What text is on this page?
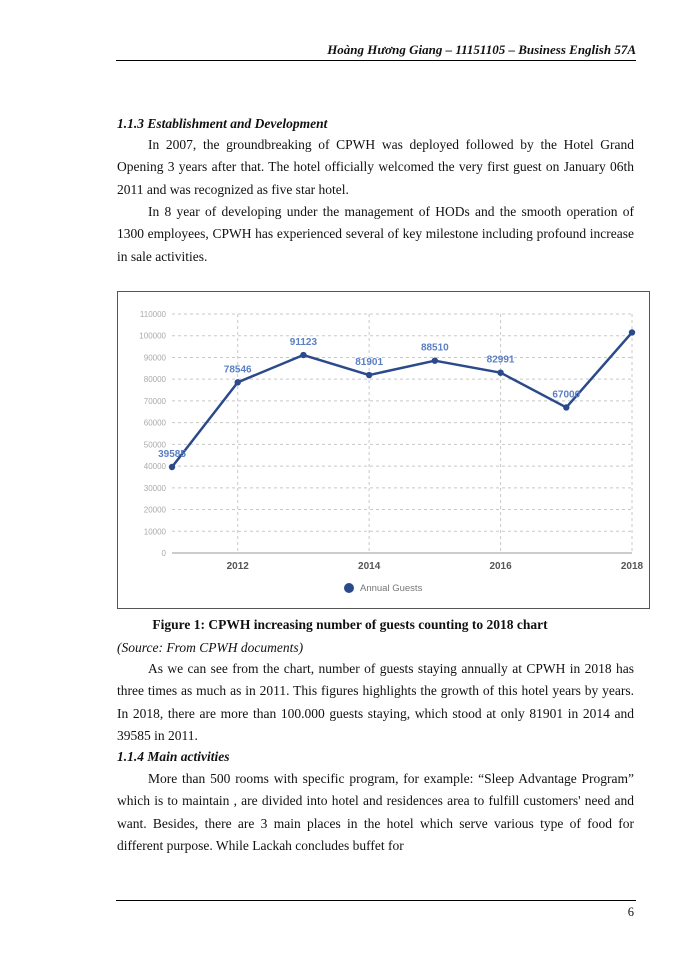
Hoàng Hương Giang – 11151105 – Business English 57A

1.1.3 Establishment and Development

In 2007, the groundbreaking of CPWH was deployed followed by the Hotel Grand Opening 3 years after that. The hotel officially welcomed the very first guest on January 06th 2011 and was recognized as five star hotel.

In 8 year of developing under the management of HODs and the smooth operation of 1300 employees, CPWH has experienced several of key milestone including profound increase in sale activities.

0
10000
20000
30000
40000
50000
60000
70000
80000
90000
100000
110000
2012	2014	2016	2018
39585
78546
91123
81901
88510
82991
67000
Annual Guests

Figure 1: CPWH increasing number of guests counting to 2018 chart

(Source: From CPWH documents)

As we can see from the chart, number of guests staying annually at CPWH in 2018 has three times as much as in 2011. This figures highlights the growth of this hotel years by years. In 2018, there are more than 100.000 guests staying, which stood at only 81901 in 2014 and 39585 in 2011.

1.1.4 Main activities

More than 500 rooms with specific program, for example: “Sleep Advantage Program” which is to maintain , are divided into hotel and residences area to fulfill customers' need and want. Besides, there are 3 main places in the hotel which serve various type of food for different purpose. While Lackah concludes buffet for

6
